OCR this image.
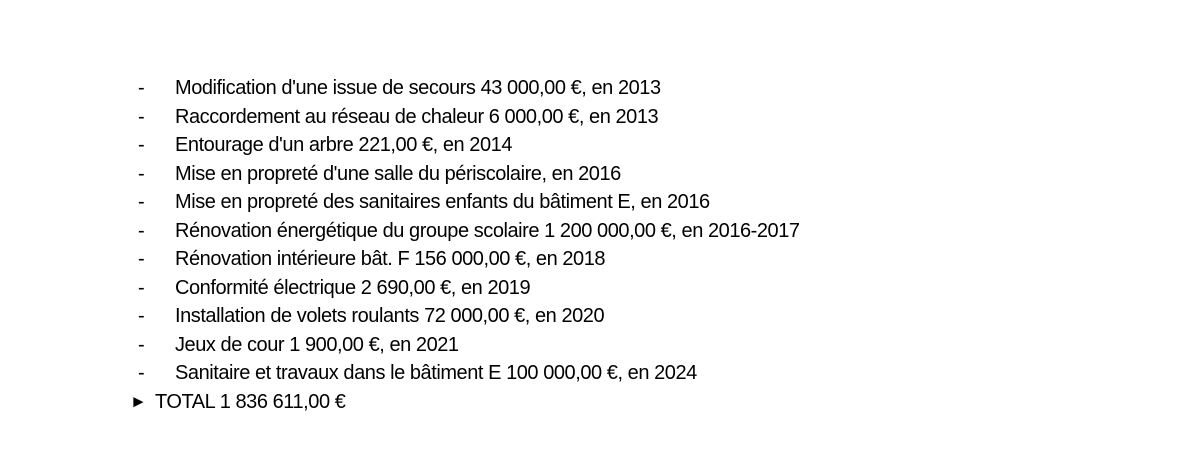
- Modification d'une issue de secours 43 000,00 €, en 2013
- Raccordement au réseau de chaleur 6 000,00 €, en 2013
- Entourage d'un arbre 221,00 €, en 2014
- Mise en propreté d'une salle du périscolaire, en 2016
- Mise en propreté des sanitaires enfants du bâtiment E, en 2016
- Rénovation énergétique du groupe scolaire 1 200 000,00 €, en 2016-2017
- Rénovation intérieure bât. F 156 000,00 €, en 2018
- Conformité électrique 2 690,00 €, en 2019
- Installation de volets roulants 72 000,00 €, en 2020
- Jeux de cour 1 900,00 €, en 2021
- Sanitaire et travaux dans le bâtiment E 100 000,00 €, en 2024
► TOTAL 1 836 611,00 €
